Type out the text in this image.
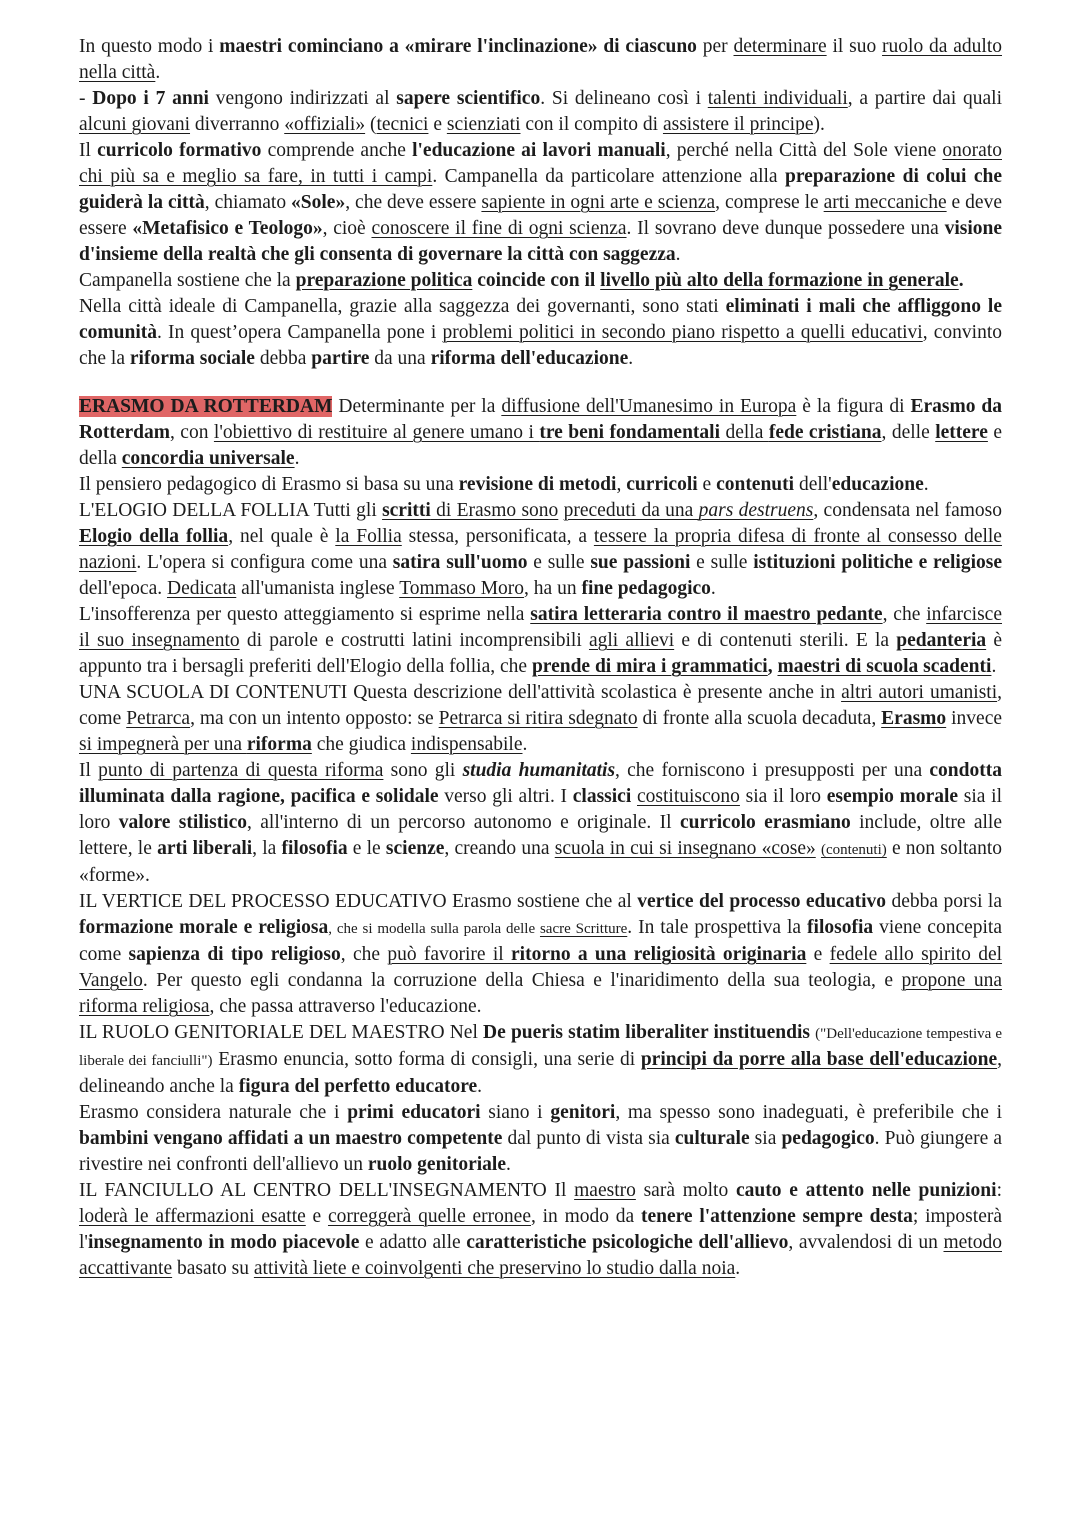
In questo modo i maestri cominciano a «mirare l'inclinazione» di ciascuno per determinare il suo ruolo da adulto nella città.

- Dopo i 7 anni vengono indirizzati al sapere scientifico. Si delineano così i talenti individuali, a partire dai quali alcuni giovani diverranno «offiziali» (tecnici e scienziati con il compito di assistere il principe).

Il curricolo formativo comprende anche l'educazione ai lavori manuali, perché nella Città del Sole viene onorato chi più sa e meglio sa fare, in tutti i campi. Campanella da particolare attenzione alla preparazione di colui che guiderà la città, chiamato «Sole», che deve essere sapiente in ogni arte e scienza, comprese le arti meccaniche e deve essere «Metafisico e Teologo», cioè conoscere il fine di ogni scienza. Il sovrano deve dunque possedere una visione d'insieme della realtà che gli consenta di governare la città con saggezza.

Campanella sostiene che la preparazione politica coincide con il livello più alto della formazione in generale.

Nella città ideale di Campanella, grazie alla saggezza dei governanti, sono stati eliminati i mali che affliggono le comunità. In quest’opera Campanella pone i problemi politici in secondo piano rispetto a quelli educativi, convinto che la riforma sociale debba partire da una riforma dell'educazione.

ERASMO DA ROTTERDAM Determinante per la diffusione dell'Umanesimo in Europa è la figura di Erasmo da Rotterdam, con l'obiettivo di restituire al genere umano i tre beni fondamentali della fede cristiana, delle lettere e della concordia universale.

Il pensiero pedagogico di Erasmo si basa su una revisione di metodi, curricoli e contenuti dell'educazione.

L'ELOGIO DELLA FOLLIA Tutti gli scritti di Erasmo sono preceduti da una pars destruens, condensata nel famoso Elogio della follia, nel quale è la Follia stessa, personificata, a tessere la propria difesa di fronte al consesso delle nazioni. L'opera si configura come una satira sull'uomo e sulle sue passioni e sulle istituzioni politiche e religiose dell'epoca. Dedicata all'umanista inglese Tommaso Moro, ha un fine pedagogico.

L'insofferenza per questo atteggiamento si esprime nella satira letteraria contro il maestro pedante, che infarcisce il suo insegnamento di parole e costrutti latini incomprensibili agli allievi e di contenuti sterili. E la pedanteria è appunto tra i bersagli preferiti dell'Elogio della follia, che prende di mira i grammatici, maestri di scuola scadenti.

UNA SCUOLA DI CONTENUTI Questa descrizione dell'attività scolastica è presente anche in altri autori umanisti, come Petrarca, ma con un intento opposto: se Petrarca si ritira sdegnato di fronte alla scuola decaduta, Erasmo invece si impegnerà per una riforma che giudica indispensabile.

Il punto di partenza di questa riforma sono gli studia humanitatis, che forniscono i presupposti per una condotta illuminata dalla ragione, pacifica e solidale verso gli altri. I classici costituiscono sia il loro esempio morale sia il loro valore stilistico, all'interno di un percorso autonomo e originale. Il curricolo erasmiano include, oltre alle lettere, le arti liberali, la filosofia e le scienze, creando una scuola in cui si insegnano «cose» (contenuti) e non soltanto «forme».

IL VERTICE DEL PROCESSO EDUCATIVO Erasmo sostiene che al vertice del processo educativo debba porsi la formazione morale e religiosa, che si modella sulla parola delle sacre Scritture. In tale prospettiva la filosofia viene concepita come sapienza di tipo religioso, che può favorire il ritorno a una religiosità originaria e fedele allo spirito del Vangelo. Per questo egli condanna la corruzione della Chiesa e l'inaridimento della sua teologia, e propone una riforma religiosa, che passa attraverso l'educazione.

IL RUOLO GENITORIALE DEL MAESTRO Nel De pueris statim liberaliter instituendis ("Dell'educazione tempestiva e liberale dei fanciulli") Erasmo enuncia, sotto forma di consigli, una serie di principi da porre alla base dell'educazione, delineando anche la figura del perfetto educatore.

Erasmo considera naturale che i primi educatori siano i genitori, ma spesso sono inadeguati, è preferibile che i bambini vengano affidati a un maestro competente dal punto di vista sia culturale sia pedagogico. Può giungere a rivestire nei confronti dell'allievo un ruolo genitoriale.

IL FANCIULLO AL CENTRO DELL'INSEGNAMENTO Il maestro sarà molto cauto e attento nelle punizioni: loderà le affermazioni esatte e correggerà quelle erronee, in modo da tenere l'attenzione sempre desta; imposterà l'insegnamento in modo piacevole e adatto alle caratteristiche psicologiche dell'allievo, avvalendosi di un metodo accattivante basato su attività liete e coinvolgenti che preservino lo studio dalla noia.
